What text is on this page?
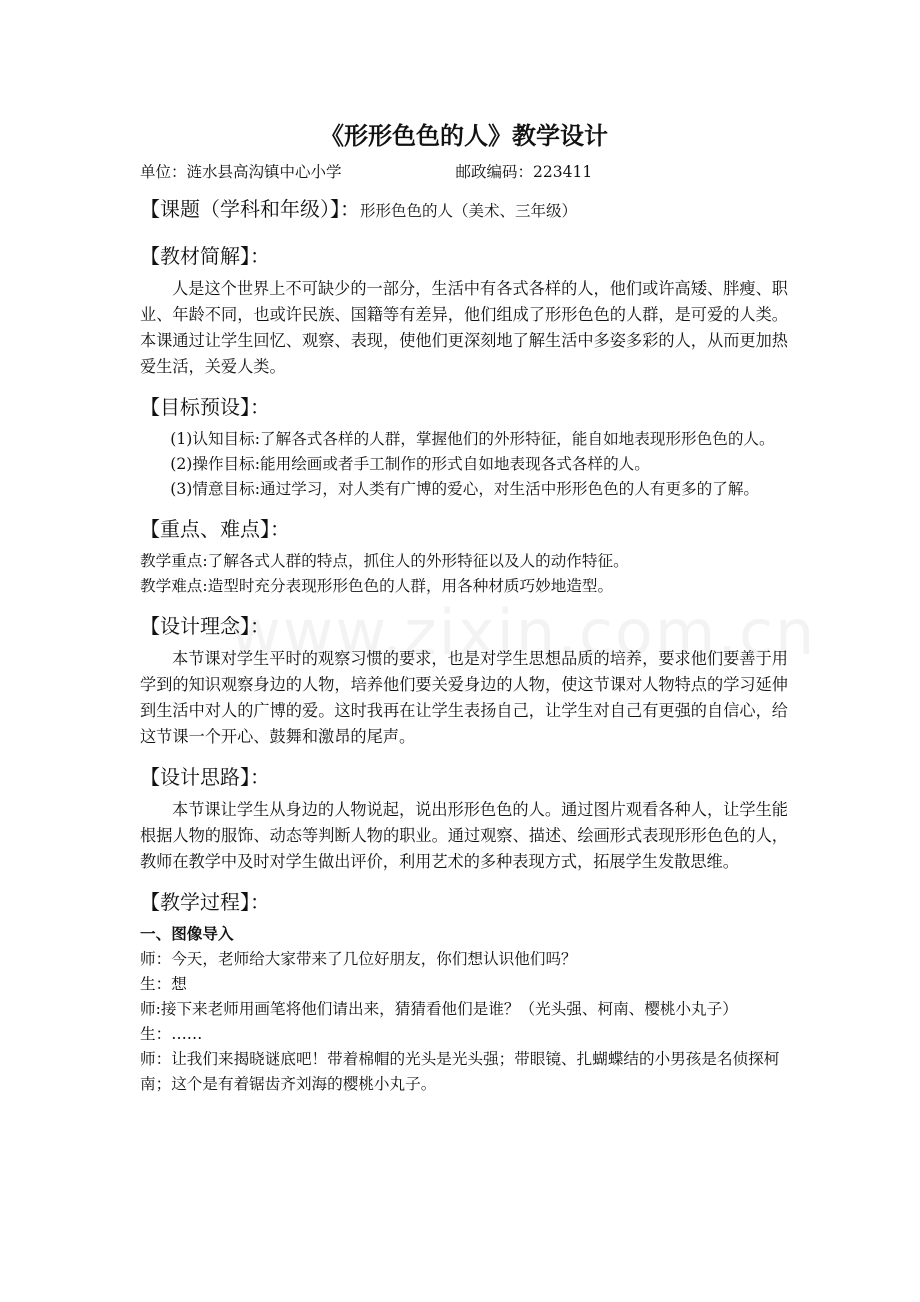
《形形色色的人》教学设计
单位：涟水县高沟镇中心小学	邮政编码：223411
【课题（学科和年级）】：形形色色的人（美术、三年级）
【教材简解】：

人是这个世界上不可缺少的一部分，生活中有各式各样的人，他们或许高矮、胖瘦、职业、年龄不同，也或许民族、国籍等有差异，他们组成了形形色色的人群，是可爱的人类。本课通过让学生回忆、观察、表现，使他们更深刻地了解生活中多姿多彩的人，从而更加热爱生活，关爱人类。

【目标预设】：
(1)认知目标: 了解各式各样的人群，掌握他们的外形特征，能自如地表现形形色色的人。
(2)操作目标: 能用绘画或者手工制作的形式自如地表现各式各样的人。
(3)情意目标: 通过学习，对人类有广博的爱心，对生活中形形色色的人有更多的了解。
【重点、难点】：
教学重点:了解各式人群的特点，抓住人的外形特征以及人的动作特征。
教学难点:造型时充分表现形形色色的人群，用各种材质巧妙地造型。
【设计理念】：

本节课对学生平时的观察习惯的要求，也是对学生思想品质的培养，要求他们要善于用学到的知识观察身边的人物，培养他们要关爱身边的人物，使这节课对人物特点的学习延伸到生活中对人的广博的爱。这时我再在让学生表扬自己，让学生对自己有更强的自信心，给这节课一个开心、鼓舞和激昂的尾声。

【设计思路】：

本节课让学生从身边的人物说起，说出形形色色的人。通过图片观看各种人，让学生能根据人物的服饰、动态等判断人物的职业。通过观察、描述、绘画形式表现形形色色的人，教师在教学中及时对学生做出评价，利用艺术的多种表现方式，拓展学生发散思维。

【教学过程】：
一、图像导入
师：今天，老师给大家带来了几位好朋友，你们想认识他们吗？
生：想
师:接下来老师用画笔将他们请出来，猜猜看他们是谁？（光头强、柯南、樱桃小丸子）
生：……
师：让我们来揭晓谜底吧！带着棉帽的光头是光头强；带眼镜、扎蝴蝶结的小男孩是名侦探柯南；这个是有着锯齿齐刘海的樱桃小丸子。
